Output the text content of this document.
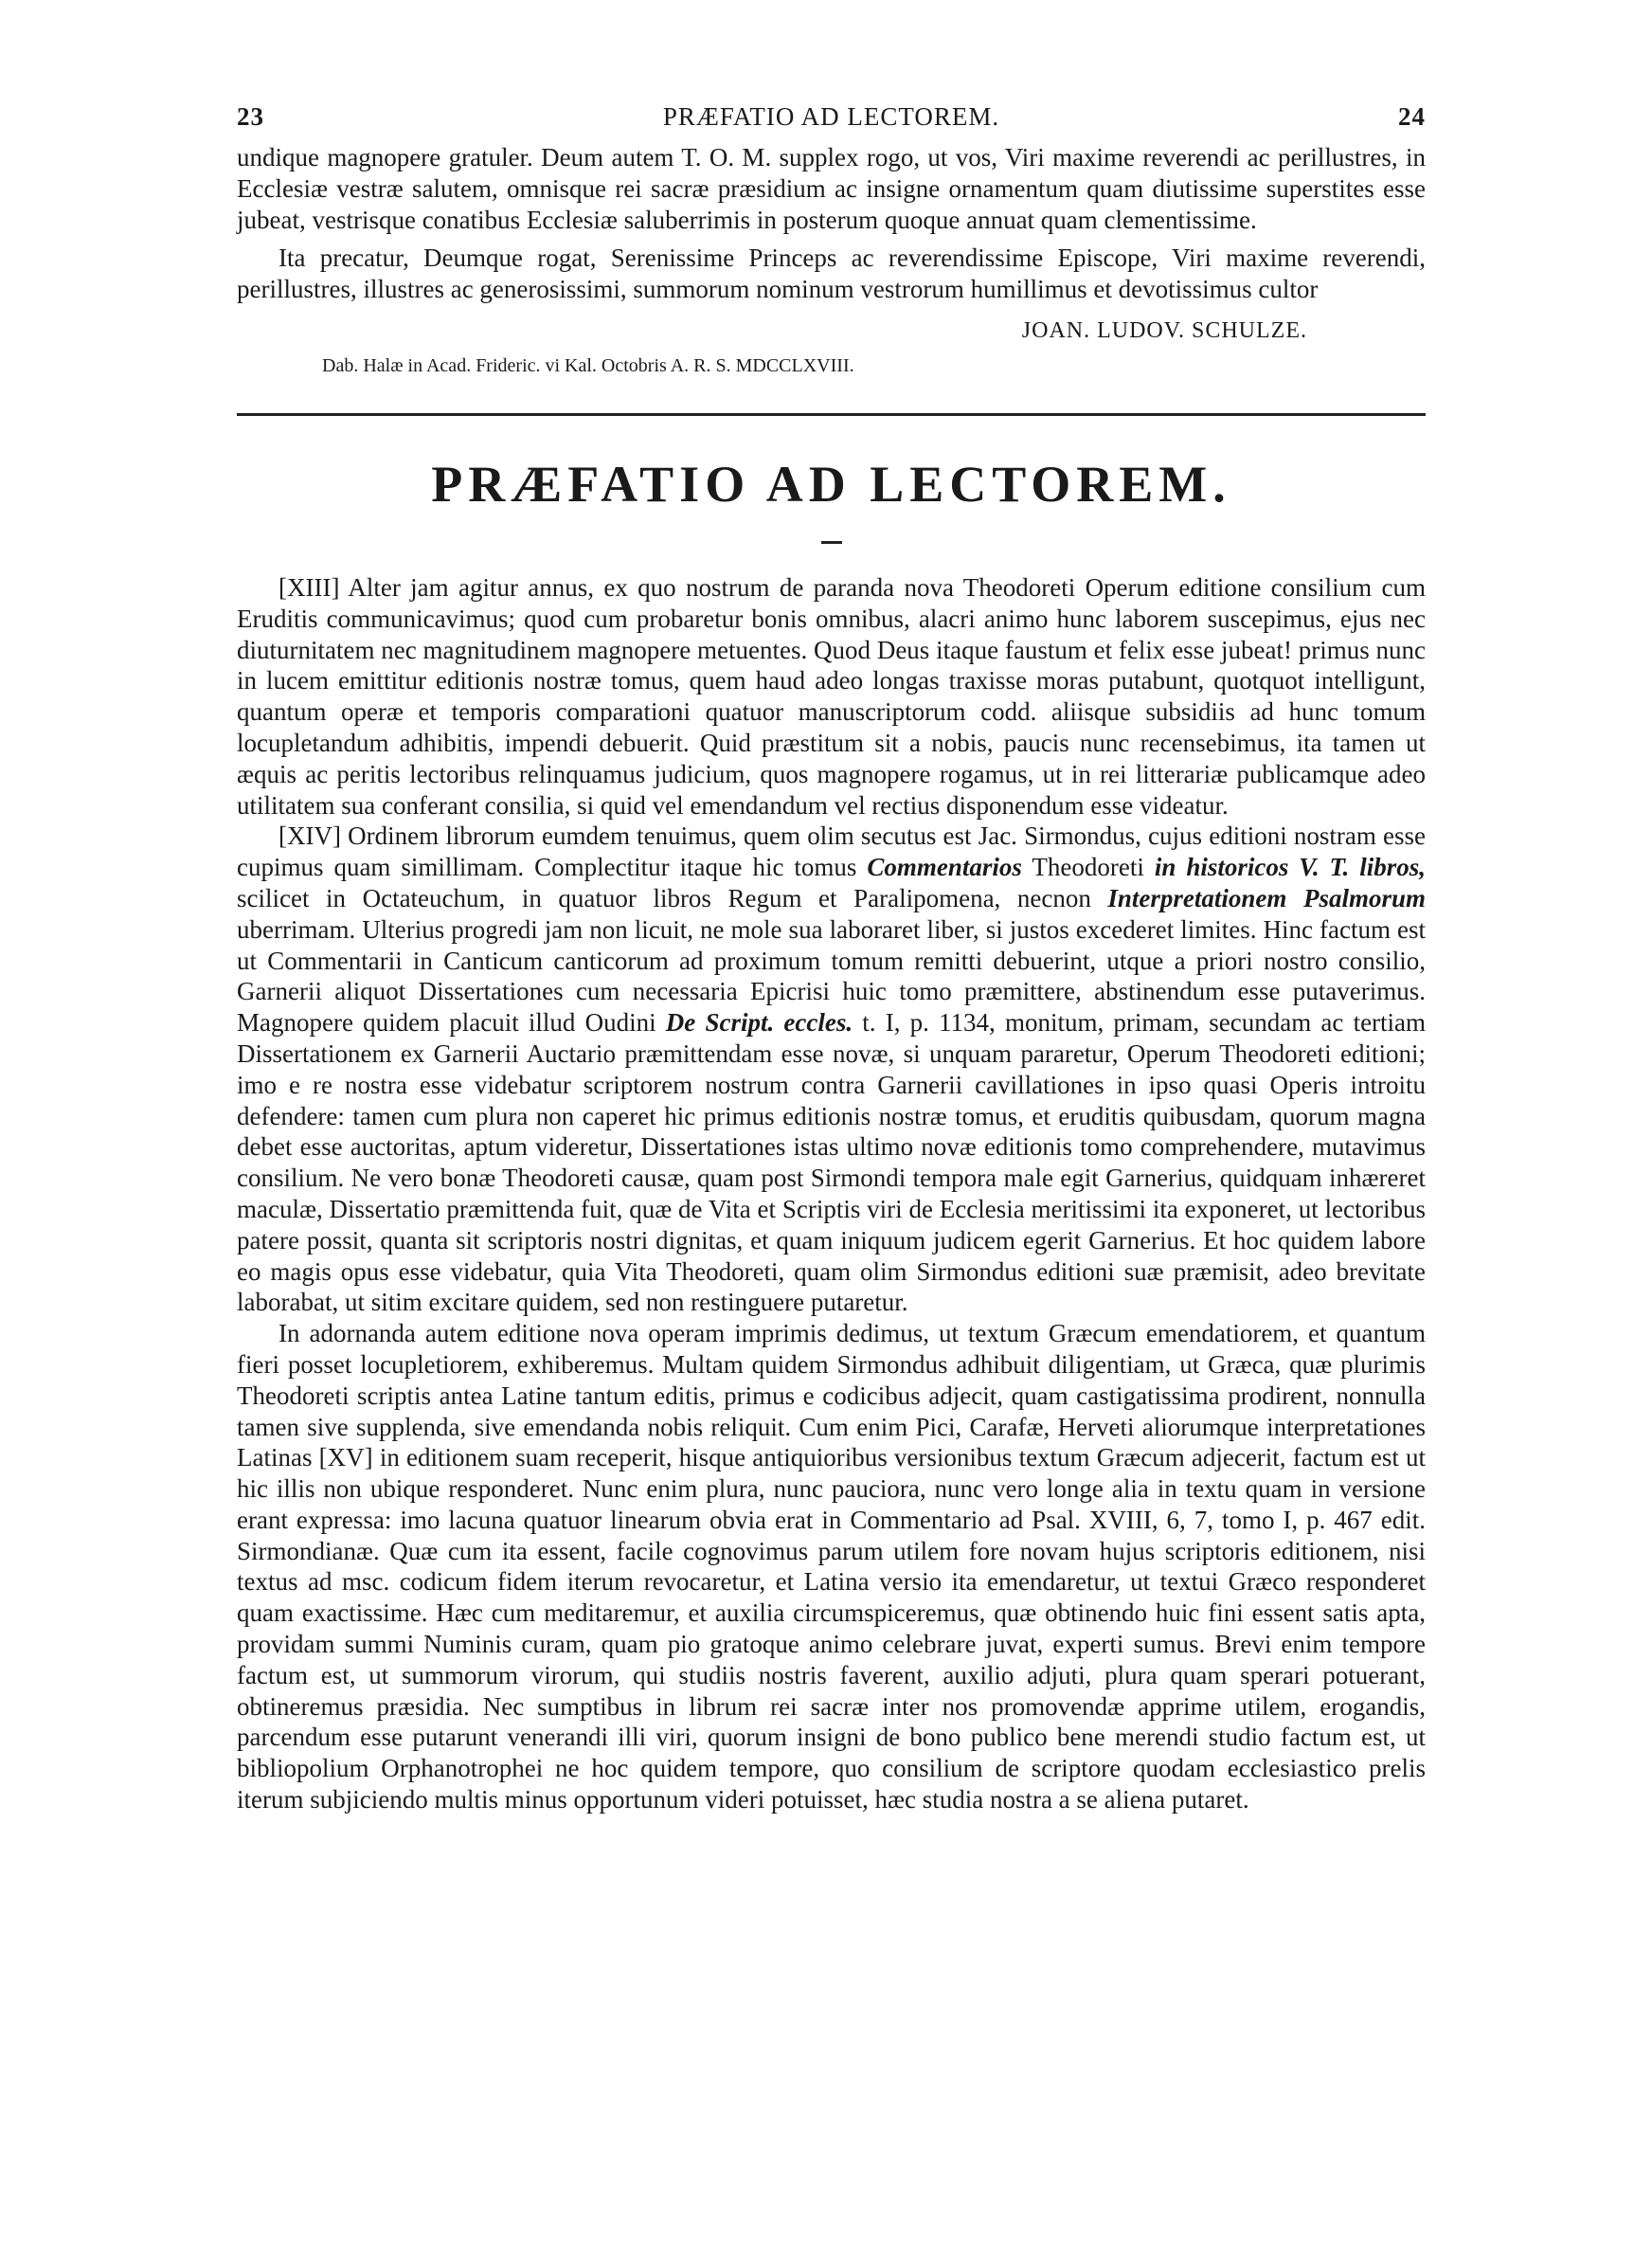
23	PRÆFATIO AD LECTOREM.	24

undique magnopere gratuler. Deum autem T. O. M. supplex rogo, ut vos, Viri maxime reverendi ac perillustres, in Ecclesiæ vestræ salutem, omnisque rei sacræ præsidium ac insigne ornamentum quam diutissime superstites esse jubeat, vestrisque conatibus Ecclesiæ saluberrimis in posterum quoque annuat quam clementissime.

Ita precatur, Deumque rogat, Serenissime Princeps ac reverendissime Episcope, Viri maxime reverendi, perillustres, illustres ac generosissimi, summorum nominum vestrorum humillimus et devotissimus cultor

JOAN. LUDOV. SCHULZE.
Dab. Halæ in Acad. Frideric. vi Kal. Octobris A. R. S. MDCCLXVIII.
PRÆFATIO AD LECTOREM.

[XIII] Alter jam agitur annus, ex quo nostrum de paranda nova Theodoreti Operum editione consilium cum Eruditis communicavimus; quod cum probaretur bonis omnibus, alacri animo hunc laborem suscepimus, ejus nec diuturnitatem nec magnitudinem magnopere metuentes. Quod Deus itaque faustum et felix esse jubeat! primus nunc in lucem emittitur editionis nostræ tomus, quem haud adeo longas traxisse moras putabunt, quotquot intelligunt, quantum operæ et temporis comparationi quatuor manuscriptorum codd. aliisque subsidiis ad hunc tomum locupletandum adhibitis, impendi debuerit. Quid præstitum sit a nobis, paucis nunc recensebimus, ita tamen ut æquis ac peritis lectoribus relinquamus judicium, quos magnopere rogamus, ut in rei litterariæ publicamque adeo utilitatem sua conferant consilia, si quid vel emendandum vel rectius disponendum esse videatur.

[XIV] Ordinem librorum eumdem tenuimus, quem olim secutus est Jac. Sirmondus, cujus editioni nostram esse cupimus quam simillimam. Complectitur itaque hic tomus Commentarios Theodoreti in historicos V. T. libros, scilicet in Octateuchum, in quatuor libros Regum et Paralipomena, necnon Interpretationem Psalmorum uberrimam. Ulterius progredi jam non licuit, ne mole sua laboraret liber, si justos excederet limites. Hinc factum est ut Commentarii in Canticum canticorum ad proximum tomum remitti debuerint, utque a priori nostro consilio, Garnerii aliquot Dissertationes cum necessaria Epicrisi huic tomo præmittere, abstinendum esse putaverimus. Magnopere quidem placuit illud Oudini De Script. eccles. t. I, p. 1134, monitum, primam, secundam ac tertiam Dissertationem ex Garnerii Auctario præmittendam esse novæ, si unquam pararetur, Operum Theodoreti editioni; imo e re nostra esse videbatur scriptorem nostrum contra Garnerii cavillationes in ipso quasi Operis introitu defendere: tamen cum plura non caperet hic primus editionis nostræ tomus, et eruditis quibusdam, quorum magna debet esse auctoritas, aptum videretur, Dissertationes istas ultimo novæ editionis tomo comprehendere, mutavimus consilium. Ne vero bonæ Theodoreti causæ, quam post Sirmondi tempora male egit Garnerius, quidquam inhæreret maculæ, Dissertatio præmittenda fuit, quæ de Vita et Scriptis viri de Ecclesia meritissimi ita exponeret, ut lectoribus patere possit, quanta sit scriptoris nostri dignitas, et quam iniquum judicem egerit Garnerius. Et hoc quidem labore eo magis opus esse videbatur, quia Vita Theodoreti, quam olim Sirmondus editioni suæ præmisit, adeo brevitate laborabat, ut sitim excitare quidem, sed non restinguere putaretur.

In adornanda autem editione nova operam imprimis dedimus, ut textum Græcum emendatiorem, et quantum fieri posset locupletiorem, exhiberemus. Multam quidem Sirmondus adhibuit diligentiam, ut Græca, quæ plurimis Theodoreti scriptis antea Latine tantum editis, primus e codicibus adjecit, quam castigatissima prodirent, nonnulla tamen sive supplenda, sive emendanda nobis reliquit. Cum enim Pici, Carafæ, Herveti aliorumque interpretationes Latinas [XV] in editionem suam receperit, hisque antiquioribus versionibus textum Græcum adjecerit, factum est ut hic illis non ubique responderet. Nunc enim plura, nunc pauciora, nunc vero longe alia in textu quam in versione erant expressa: imo lacuna quatuor linearum obvia erat in Commentario ad Psal. XVIII, 6, 7, tomo I, p. 467 edit. Sirmondianæ. Quæ cum ita essent, facile cognovimus parum utilem fore novam hujus scriptoris editionem, nisi textus ad msc. codicum fidem iterum revocaretur, et Latina versio ita emendaretur, ut textui Græco responderet quam exactissime. Hæc cum meditaremur, et auxilia circumspiceremus, quæ obtinendo huic fini essent satis apta, providam summi Numinis curam, quam pio gratoque animo celebrare juvat, experti sumus. Brevi enim tempore factum est, ut summorum virorum, qui studiis nostris faverent, auxilio adjuti, plura quam sperari potuerant, obtineremus præsidia. Nec sumptibus in librum rei sacræ inter nos promovendæ apprime utilem, erogandis, parcendum esse putarunt venerandi illi viri, quorum insigni de bono publico bene merendi studio factum est, ut bibliopolium Orphanotrophei ne hoc quidem tempore, quo consilium de scriptore quodam ecclesiastico prelis iterum subjiciendo multis minus opportunum videri potuisset, hæc studia nostra a se aliena putaret.
